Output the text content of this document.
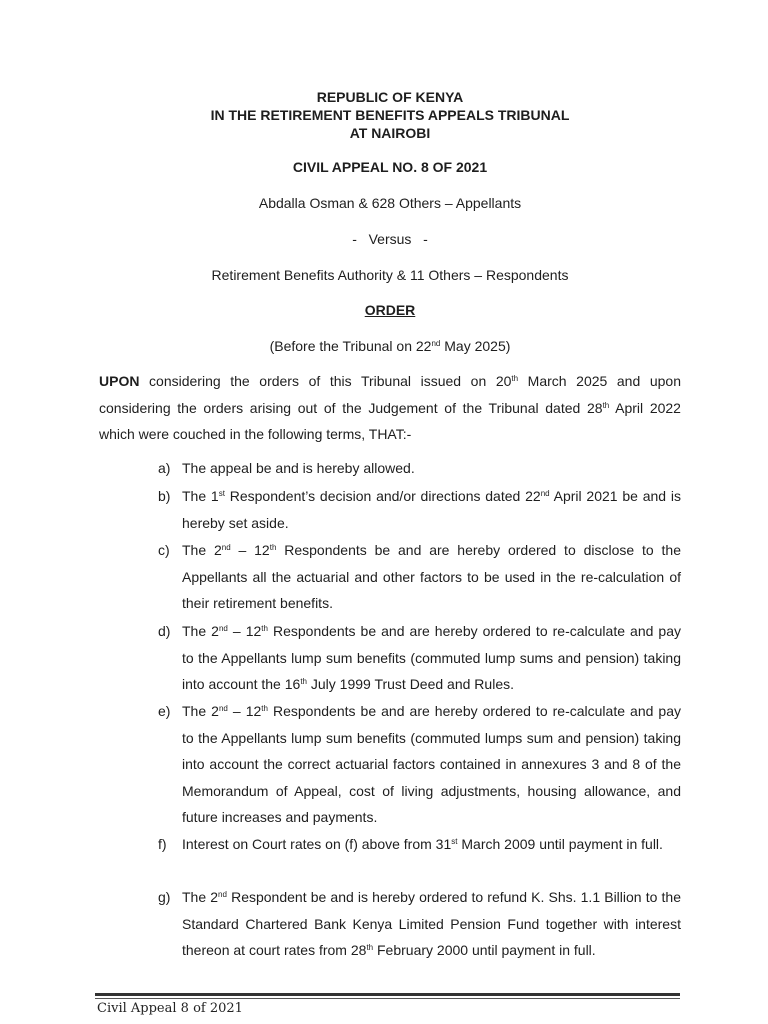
REPUBLIC OF KENYA
IN THE RETIREMENT BENEFITS APPEALS TRIBUNAL
AT NAIROBI
CIVIL APPEAL NO. 8 OF 2021
Abdalla Osman & 628 Others – Appellants
-   Versus   -
Retirement Benefits Authority & 11 Others – Respondents
ORDER
(Before the Tribunal on 22nd May 2025)
UPON considering the orders of this Tribunal issued on 20th March 2025 and upon considering the orders arising out of the Judgement of the Tribunal dated 28th April 2022 which were couched in the following terms, THAT:-
a) The appeal be and is hereby allowed.
b) The 1st Respondent’s decision and/or directions dated 22nd April 2021 be and is hereby set aside.
c) The 2nd – 12th Respondents be and are hereby ordered to disclose to the Appellants all the actuarial and other factors to be used in the re-calculation of their retirement benefits.
d) The 2nd – 12th Respondents be and are hereby ordered to re-calculate and pay to the Appellants lump sum benefits (commuted lump sums and pension) taking into account the 16th July 1999 Trust Deed and Rules.
e) The 2nd – 12th Respondents be and are hereby ordered to re-calculate and pay to the Appellants lump sum benefits (commuted lumps sum and pension) taking into account the correct actuarial factors contained in annexures 3 and 8 of the Memorandum of Appeal, cost of living adjustments, housing allowance, and future increases and payments.
f)	Interest on Court rates on (f) above from 31st March 2009 until payment in full.
g) The 2nd Respondent be and is hereby ordered to refund K. Shs. 1.1 Billion to the Standard Chartered Bank Kenya Limited Pension Fund together with interest thereon at court rates from 28th February 2000 until payment in full.
Civil Appeal 8 of 2021
